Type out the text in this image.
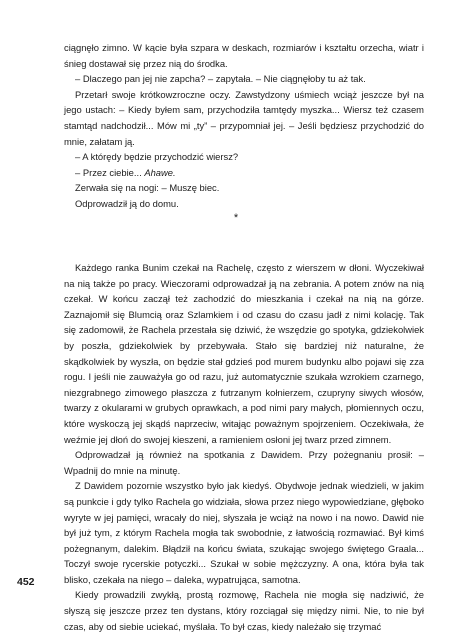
ciągnęło zimno. W kącie była szpara w deskach, rozmiarów i kształtu orzecha, wiatr i śnieg dostawał się przez nią do środka.

– Dlaczego pan jej nie zapcha? – zapytała. – Nie ciągnęłoby tu aż tak.

Przetarł swoje krótkowzroczne oczy. Zawstydzony uśmiech wciąż jeszcze był na jego ustach: – Kiedy byłem sam, przychodziła tamtędy myszka... Wiersz też czasem stamtąd nadchodził... Mów mi „ty” – przypomniał jej. – Jeśli będziesz przychodzić do mnie, załatam ją.

– A którędy będzie przychodzić wiersz?

– Przez ciebie... Ahawe.

Zerwała się na nogi: – Muszę biec.

Odprowadził ją do domu.

*

Każdego ranka Bunim czekał na Rachelę, często z wierszem w dłoni. Wyczekiwał na nią także po pracy. Wieczorami odprowadzał ją na zebrania. A potem znów na nią czekał. W końcu zaczął też zachodzić do mieszkania i czekał na nią na górze. Zaznajomił się Blumcią oraz Szlamkiem i od czasu do czasu jadł z nimi kolację. Tak się zadomowił, że Rachela przestała się dziwić, że wszędzie go spotyka, gdziekolwiek by poszła, gdziekolwiek by przebywała. Stało się bardziej niż naturalne, że skądkolwiek by wyszła, on będzie stał gdzieś pod murem budynku albo pojawi się zza rogu. I jeśli nie zauważyła go od razu, już automatycznie szukała wzrokiem czarnego, niezgrabnego zimowego płaszcza z futrzanym kołnierzem, czupryny siwych włosów, twarzy z okularami w grubych oprawkach, a pod nimi pary małych, płomiennych oczu, które wyskoczą jej skądś naprzeciw, witając poważnym spojrzeniem. Oczekiwała, że weźmie jej dłoń do swojej kieszeni, a ramieniem osłoni jej twarz przed zimnem.

Odprowadzał ją również na spotkania z Dawidem. Przy pożegnaniu prosił: – Wpadnij do mnie na minutę.

Z Dawidem pozornie wszystko było jak kiedyś. Obydwoje jednak wiedzieli, w jakim są punkcie i gdy tylko Rachela go widziała, słowa przez niego wypowiedziane, głęboko wyryte w jej pamięci, wracały do niej, słyszała je wciąż na nowo i na nowo. Dawid nie był już tym, z którym Rachela mogła tak swobodnie, z łatwością rozmawiać. Był kimś pożegnanym, dalekim. Błądził na końcu świata, szukając swojego świętego Graala... Toczył swoje rycerskie potyczki... Szukał w sobie mężczyzny. A ona, która była tak blisko, czekała na niego – daleka, wypatrująca, samotna.

Kiedy prowadzili zwykłą, prostą rozmowę, Rachela nie mogła się nadziwić, że słyszą się jeszcze przez ten dystans, który rozciągał się między nimi. Nie, to nie był czas, aby od siebie uciekać, myślała. To był czas, kiedy należało się trzymać

452
